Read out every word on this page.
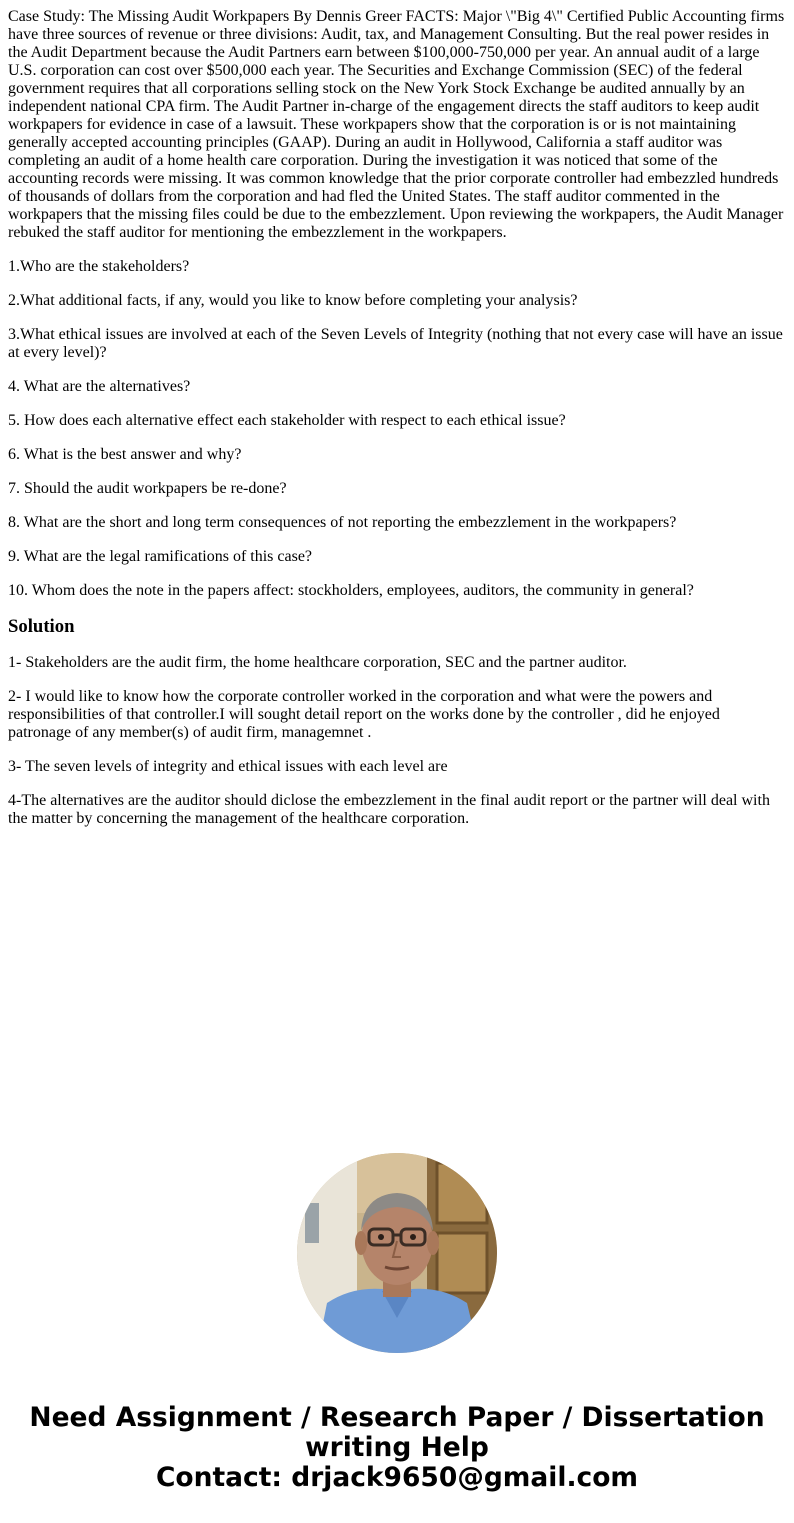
Case Study: The Missing Audit Workpapers By Dennis Greer FACTS: Major \"Big 4\" Certified Public Accounting firms have three sources of revenue or three divisions: Audit, tax, and Management Consulting. But the real power resides in the Audit Department because the Audit Partners earn between $100,000-750,000 per year. An annual audit of a large U.S. corporation can cost over $500,000 each year. The Securities and Exchange Commission (SEC) of the federal government requires that all corporations selling stock on the New York Stock Exchange be audited annually by an independent national CPA firm. The Audit Partner in-charge of the engagement directs the staff auditors to keep audit workpapers for evidence in case of a lawsuit. These workpapers show that the corporation is or is not maintaining generally accepted accounting principles (GAAP). During an audit in Hollywood, California a staff auditor was completing an audit of a home health care corporation. During the investigation it was noticed that some of the accounting records were missing. It was common knowledge that the prior corporate controller had embezzled hundreds of thousands of dollars from the corporation and had fled the United States. The staff auditor commented in the workpapers that the missing files could be due to the embezzlement. Upon reviewing the workpapers, the Audit Manager rebuked the staff auditor for mentioning the embezzlement in the workpapers.

1.Who are the stakeholders?

2.What additional facts, if any, would you like to know before completing your analysis?

3.What ethical issues are involved at each of the Seven Levels of Integrity (nothing that not every case will have an issue at every level)?

4. What are the alternatives?

5. How does each alternative effect each stakeholder with respect to each ethical issue?

6. What is the best answer and why?

7. Should the audit workpapers be re-done?

8. What are the short and long term consequences of not reporting the embezzlement in the workpapers?

9. What are the legal ramifications of this case?

10. Whom does the note in the papers affect: stockholders, employees, auditors, the community in general?

Solution

1- Stakeholders are the audit firm, the home healthcare corporation, SEC and the partner auditor.

2- I would like to know how the corporate controller worked in the corporation and what were the powers and responsibilities of that controller.I will sought detail report on the works done by the controller , did he enjoyed patronage of any member(s) of audit firm, managemnet .

3- The seven levels of integrity and ethical issues with each level are

4-The alternatives are the auditor should diclose the embezzlement in the final audit report or the partner will deal with the matter by concerning the management of the healthcare corporation.

Need Assignment / Research Paper / Dissertation
writing Help
Contact: drjack9650@gmail.com
